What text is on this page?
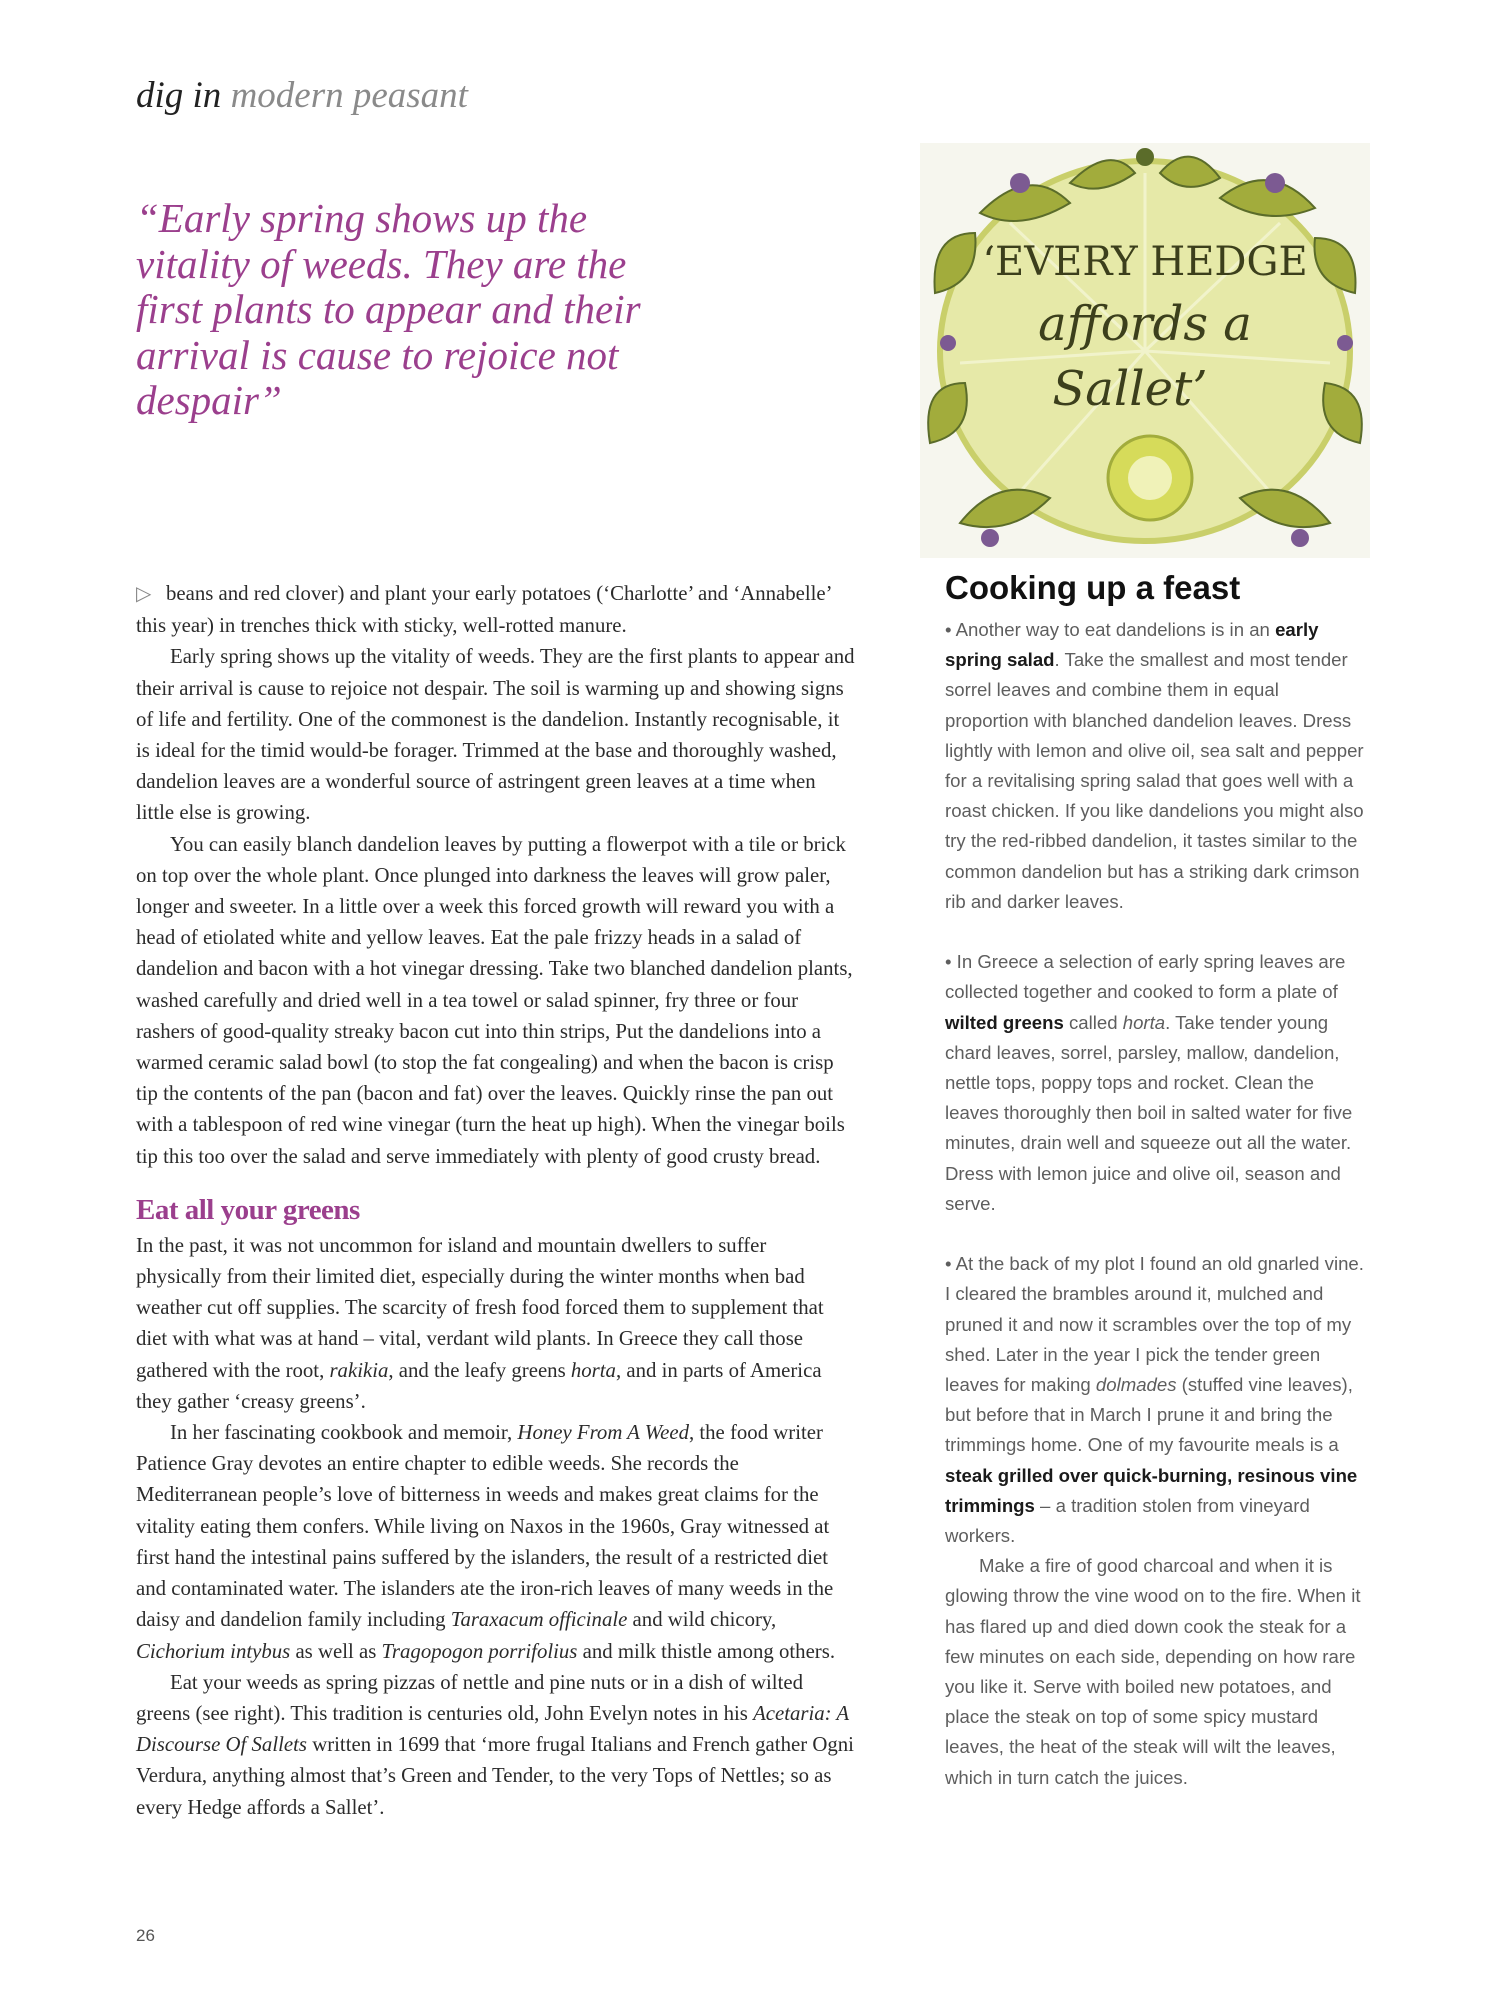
dig in modern peasant
“Early spring shows up the vitality of weeds. They are the first plants to appear and their arrival is cause to rejoice not despair”
‘EVERY HEDGE
affords a
Sallet’

▷ beans and red clover) and plant your early potatoes (‘Charlotte’ and ‘Annabelle’ this year) in trenches thick with sticky, well-rotted manure.

Early spring shows up the vitality of weeds. They are the first plants to appear and their arrival is cause to rejoice not despair. The soil is warming up and showing signs of life and fertility. One of the commonest is the dandelion. Instantly recognisable, it is ideal for the timid would-be forager. Trimmed at the base and thoroughly washed, dandelion leaves are a wonderful source of astringent green leaves at a time when little else is growing.

You can easily blanch dandelion leaves by putting a flowerpot with a tile or brick on top over the whole plant. Once plunged into darkness the leaves will grow paler, longer and sweeter. In a little over a week this forced growth will reward you with a head of etiolated white and yellow leaves. Eat the pale frizzy heads in a salad of dandelion and bacon with a hot vinegar dressing. Take two blanched dandelion plants, washed carefully and dried well in a tea towel or salad spinner, fry three or four rashers of good-quality streaky bacon cut into thin strips, Put the dandelions into a warmed ceramic salad bowl (to stop the fat congealing) and when the bacon is crisp tip the contents of the pan (bacon and fat) over the leaves. Quickly rinse the pan out with a tablespoon of red wine vinegar (turn the heat up high). When the vinegar boils tip this too over the salad and serve immediately with plenty of good crusty bread.

Eat all your greens

In the past, it was not uncommon for island and mountain dwellers to suffer physically from their limited diet, especially during the winter months when bad weather cut off supplies. The scarcity of fresh food forced them to supplement that diet with what was at hand – vital, verdant wild plants. In Greece they call those gathered with the root, rakikia, and the leafy greens horta, and in parts of America they gather ‘creasy greens’.

In her fascinating cookbook and memoir, Honey From A Weed, the food writer Patience Gray devotes an entire chapter to edible weeds. She records the Mediterranean people’s love of bitterness in weeds and makes great claims for the vitality eating them confers. While living on Naxos in the 1960s, Gray witnessed at first hand the intestinal pains suffered by the islanders, the result of a restricted diet and contaminated water. The islanders ate the iron-rich leaves of many weeds in the daisy and dandelion family including Taraxacum officinale and wild chicory, Cichorium intybus as well as Tragopogon porrifolius and milk thistle among others.

Eat your weeds as spring pizzas of nettle and pine nuts or in a dish of wilted greens (see right). This tradition is centuries old, John Evelyn notes in his Acetaria: A Discourse Of Sallets written in 1699 that ‘more frugal Italians and French gather Ogni Verdura, anything almost that’s Green and Tender, to the very Tops of Nettles; so as every Hedge affords a Sallet’.

Cooking up a feast

• Another way to eat dandelions is in an early spring salad. Take the smallest and most tender sorrel leaves and combine them in equal proportion with blanched dandelion leaves. Dress lightly with lemon and olive oil, sea salt and pepper for a revitalising spring salad that goes well with a roast chicken. If you like dandelions you might also try the red-ribbed dandelion, it tastes similar to the common dandelion but has a striking dark crimson rib and darker leaves.

• In Greece a selection of early spring leaves are collected together and cooked to form a plate of wilted greens called horta. Take tender young chard leaves, sorrel, parsley, mallow, dandelion, nettle tops, poppy tops and rocket. Clean the leaves thoroughly then boil in salted water for five minutes, drain well and squeeze out all the water. Dress with lemon juice and olive oil, season and serve.

• At the back of my plot I found an old gnarled vine. I cleared the brambles around it, mulched and pruned it and now it scrambles over the top of my shed. Later in the year I pick the tender green leaves for making dolmades (stuffed vine leaves), but before that in March I prune it and bring the trimmings home. One of my favourite meals is a steak grilled over quick-burning, resinous vine trimmings – a tradition stolen from vineyard workers.

Make a fire of good charcoal and when it is glowing throw the vine wood on to the fire. When it has flared up and died down cook the steak for a few minutes on each side, depending on how rare you like it. Serve with boiled new potatoes, and place the steak on top of some spicy mustard leaves, the heat of the steak will wilt the leaves, which in turn catch the juices.

26
